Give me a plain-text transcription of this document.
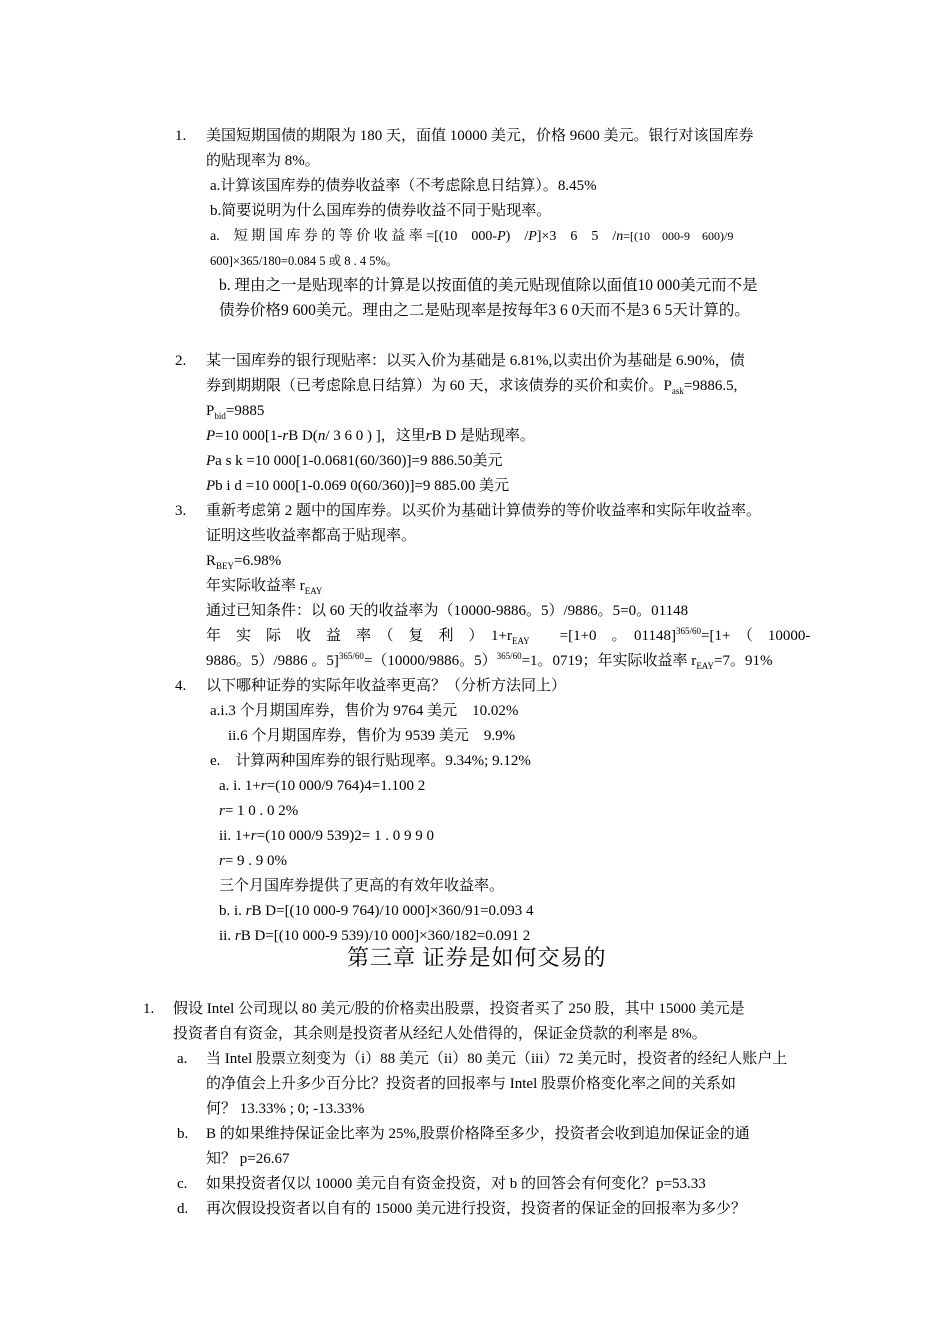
1. 美国短期国债的期限为 180 天，面值 10000 美元，价格 9600 美元。银行对该国库券
的贴现率为 8%。
a.计算该国库券的债券收益率（不考虑除息日结算）。8.45%
b.简要说明为什么国库券的债券收益不同于贴现率。
a.　短 期 国 库 券 的 等 价 收 益 率 =[(10　000-P)　/P]×3　6　5　/n=[(10　000-9　600)/9
600]×365/180=0.084 5 或 8 . 4 5%。
b. 理由之一是贴现率的计算是以按面值的美元贴现值除以面值10 000美元而不是
债券价格9 600美元。理由之二是贴现率是按每年3 6 0天而不是3 6 5天计算的。
2. 某一国库券的银行现贴率：以买入价为基础是 6.81%,以卖出价为基础是 6.90%，债
券到期期限（已考虑除息日结算）为 60 天，求该债券的买价和卖价。$P_{ask}=9886.5$,
$P_{bid}=9885$
P=10 000[1-rB D(n/ 3 6 0 ) ]，这里rB D 是贴现率。
Pa s k =10 000[1-0.0681(60/360)]=9 886.50美元
Pb i d =10 000[1-0.069 0(60/360)]=9 885.00 美元
3. 重新考虑第 2 题中的国库券。以买价为基础计算债券的等价收益率和实际年收益率。
证明这些收益率都高于贴现率。
$R_{BEY}=6.98\%$
年实际收益率 $r_{EAY}$
通过已知条件：以 60 天的收益率为（10000-9886。5）/9886。5=0。01148
年　实　际　收　益　率　（　复　利　）　$1+r_{EAY}$　　=[1+0　。　01148]$^{365/60}$=[1+　（　10000-
9886。5）/9886 。5]$^{365/60}$=（10000/9886。5）$^{365/60}$=1。0719；年实际收益率 $r_{EAY}=7$。91%
4. 以下哪种证券的实际年收益率更高？（分析方法同上）
a.i.3 个月期国库券，售价为 9764 美元　10.02%
ii.6 个月期国库券，售价为 9539 美元　9.9%
e.　计算两种国库券的银行贴现率。9.34%; 9.12%
a. i. 1+r=(10 000/9 764)4=1.100 2
r= 1 0 . 0 2%
ii. 1+r=(10 000/9 539)2= 1 . 0 9 9 0
r= 9 . 9 0%
三个月国库券提供了更高的有效年收益率。
b. i. rB D=[(10 000-9 764)/10 000]×360/91=0.093 4
ii. rB D=[(10 000-9 539)/10 000]×360/182=0.091 2
第三章 证券是如何交易的
1. 假设 Intel 公司现以 80 美元/股的价格卖出股票，投资者买了 250 股，其中 15000 美元是
投资者自有资金，其余则是投资者从经纪人处借得的，保证金贷款的利率是 8%。
a. 当 Intel 股票立刻变为（i）88 美元（ii）80 美元（iii）72 美元时，投资者的经纪人账户上
的净值会上升多少百分比？投资者的回报率与 Intel 股票价格变化率之间的关系如
何？ 13.33% ; 0; -13.33%
b. B 的如果维持保证金比率为 25%,股票价格降至多少，投资者会收到追加保证金的通
知？ p=26.67
c. 如果投资者仅以 10000 美元自有资金投资，对 b 的回答会有何变化？p=53.33
d. 再次假设投资者以自有的 15000 美元进行投资，投资者的保证金的回报率为多少？
